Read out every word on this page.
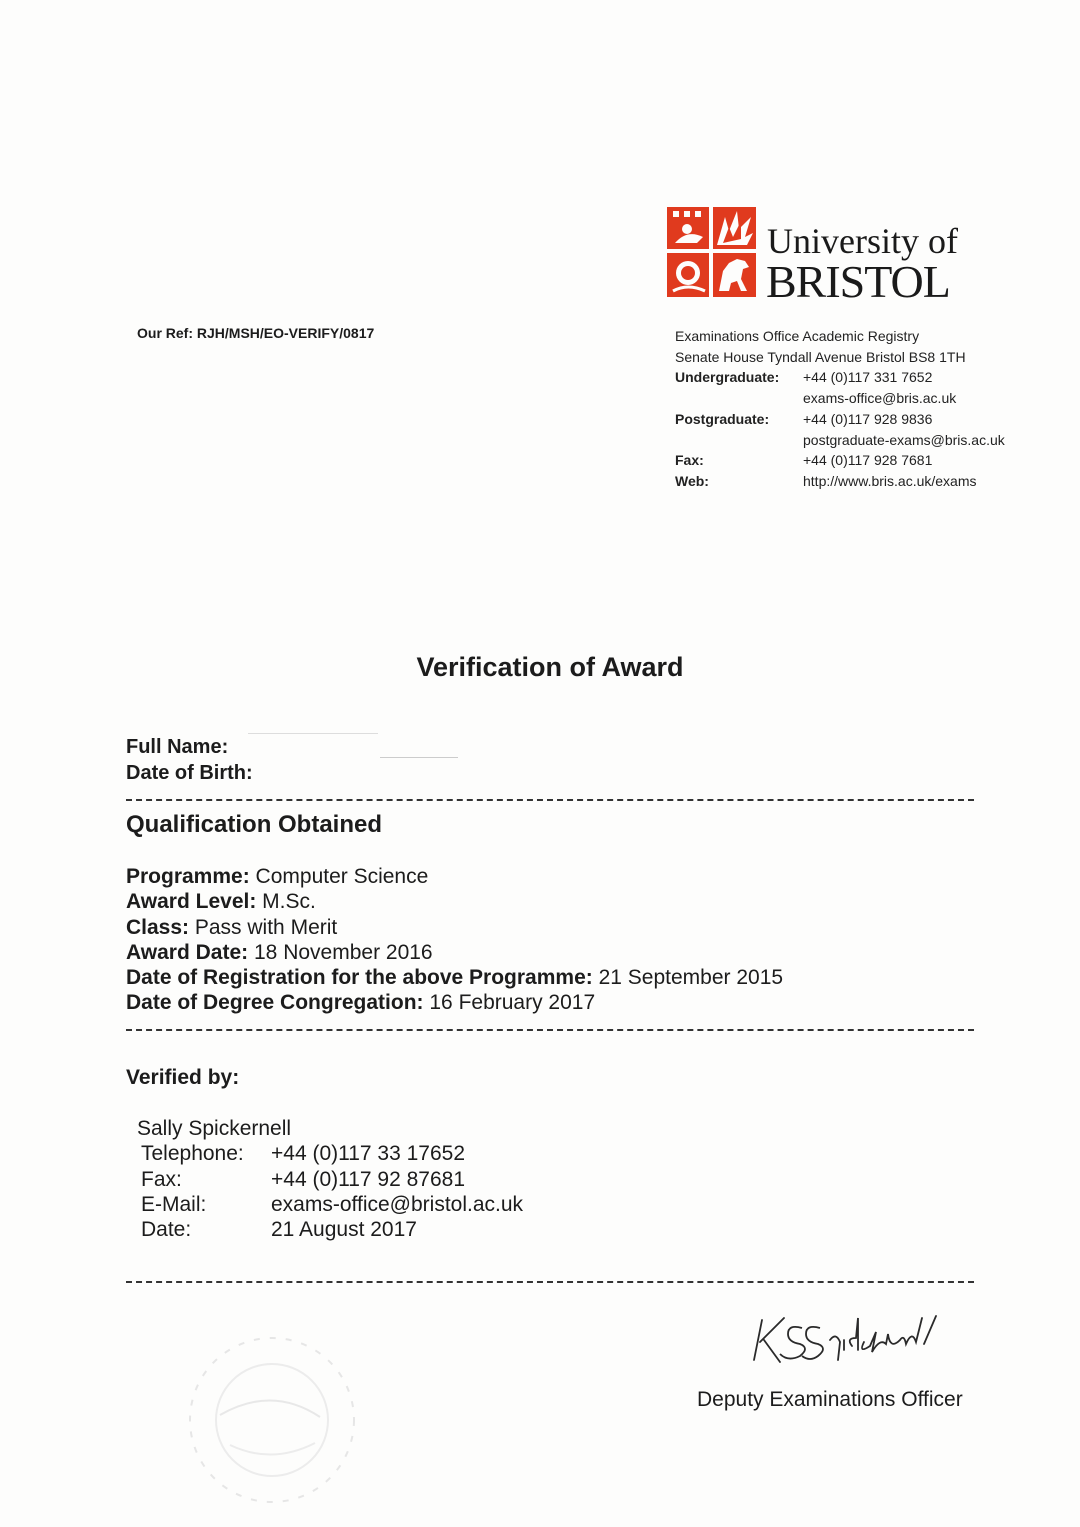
University of
BRISTOL
Our Ref: RJH/MSH/EO-VERIFY/0817	Examinations Office Academic Registry
Senate House Tyndall Avenue Bristol BS8 1TH
Undergraduate:	+44 (0)117 331 7652
exams-office@bris.ac.uk
Postgraduate:	+44 (0)117 928 9836
postgraduate-exams@bris.ac.uk
Fax:	+44 (0)117 928 7681
Web:	http://www.bris.ac.uk/exams
Verification of Award
Full Name:
Date of Birth:
Qualification Obtained
Programme: Computer Science
Award Level: M.Sc.
Class: Pass with Merit
Award Date: 18 November 2016
Date of Registration for the above Programme: 21 September 2015
Date of Degree Congregation: 16 February 2017
Verified by:
Sally Spickernell
Telephone:	+44 (0)117 33 17652
Fax:	+44 (0)117 92 87681
E-Mail:	exams-office@bristol.ac.uk
Date:	21 August 2017
Deputy Examinations Officer
